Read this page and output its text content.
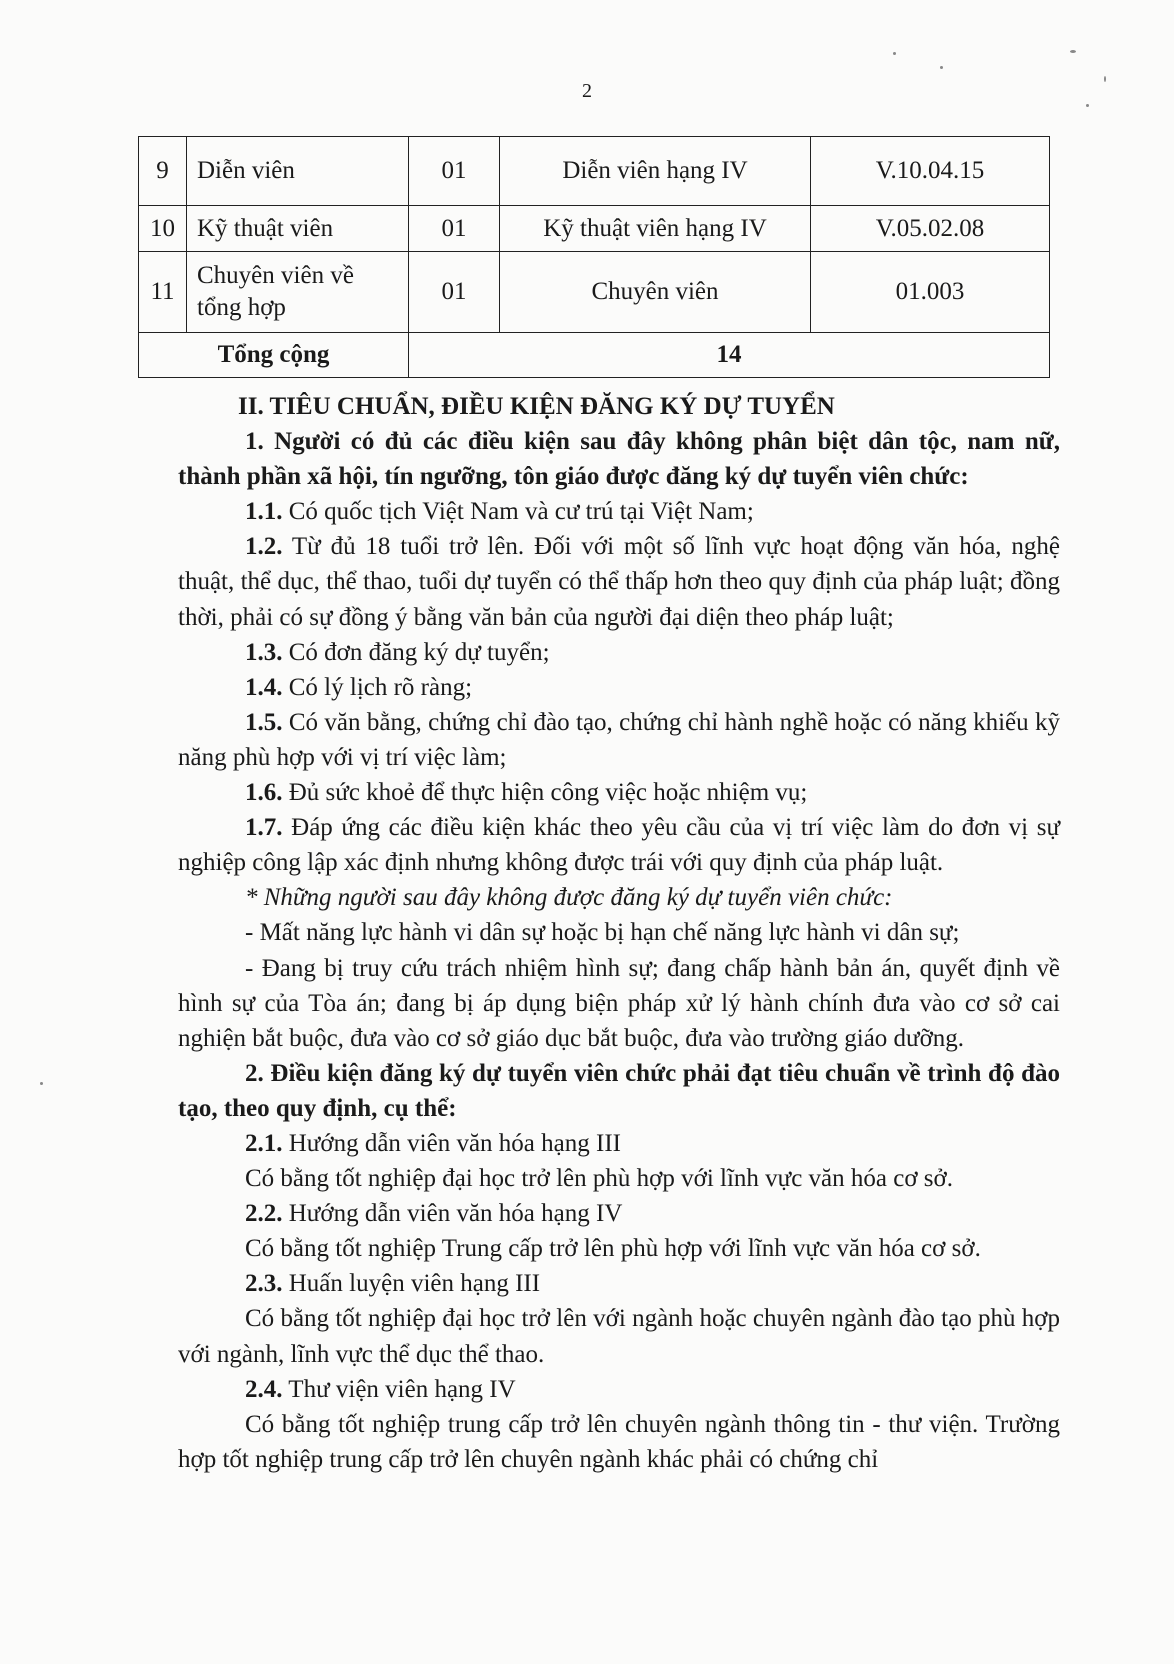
2
9	Diễn viên	01	Diễn viên hạng IV	V.10.04.15
10	Kỹ thuật viên	01	Kỹ thuật viên hạng IV	V.05.02.08
11	Chuyên viên về tổng hợp	01	Chuyên viên	01.003
Tổng cộng		14		

II. TIÊU CHUẨN, ĐIỀU KIỆN ĐĂNG KÝ DỰ TUYỂN

1. Người có đủ các điều kiện sau đây không phân biệt dân tộc, nam nữ, thành phần xã hội, tín ngưỡng, tôn giáo được đăng ký dự tuyển viên chức:

1.1. Có quốc tịch Việt Nam và cư trú tại Việt Nam;

1.2. Từ đủ 18 tuổi trở lên. Đối với một số lĩnh vực hoạt động văn hóa, nghệ thuật, thể dục, thể thao, tuổi dự tuyển có thể thấp hơn theo quy định của pháp luật; đồng thời, phải có sự đồng ý bằng văn bản của người đại diện theo pháp luật;

1.3. Có đơn đăng ký dự tuyển;

1.4. Có lý lịch rõ ràng;

1.5. Có văn bằng, chứng chỉ đào tạo, chứng chỉ hành nghề hoặc có năng khiếu kỹ năng phù hợp với vị trí việc làm;

1.6. Đủ sức khoẻ để thực hiện công việc hoặc nhiệm vụ;

1.7. Đáp ứng các điều kiện khác theo yêu cầu của vị trí việc làm do đơn vị sự nghiệp công lập xác định nhưng không được trái với quy định của pháp luật.

* Những người sau đây không được đăng ký dự tuyển viên chức:

- Mất năng lực hành vi dân sự hoặc bị hạn chế năng lực hành vi dân sự;

- Đang bị truy cứu trách nhiệm hình sự; đang chấp hành bản án, quyết định về hình sự của Tòa án; đang bị áp dụng biện pháp xử lý hành chính đưa vào cơ sở cai nghiện bắt buộc, đưa vào cơ sở giáo dục bắt buộc, đưa vào trường giáo dưỡng.

2. Điều kiện đăng ký dự tuyển viên chức phải đạt tiêu chuẩn về trình độ đào tạo, theo quy định, cụ thể:

2.1. Hướng dẫn viên văn hóa hạng III

Có bằng tốt nghiệp đại học trở lên phù hợp với lĩnh vực văn hóa cơ sở.

2.2. Hướng dẫn viên văn hóa hạng IV

Có bằng tốt nghiệp Trung cấp trở lên phù hợp với lĩnh vực văn hóa cơ sở.

2.3. Huấn luyện viên hạng III

Có bằng tốt nghiệp đại học trở lên với ngành hoặc chuyên ngành đào tạo phù hợp với ngành, lĩnh vực thể dục thể thao.

2.4. Thư viện viên hạng IV

Có bằng tốt nghiệp trung cấp trở lên chuyên ngành thông tin - thư viện. Trường hợp tốt nghiệp trung cấp trở lên chuyên ngành khác phải có chứng chỉ
